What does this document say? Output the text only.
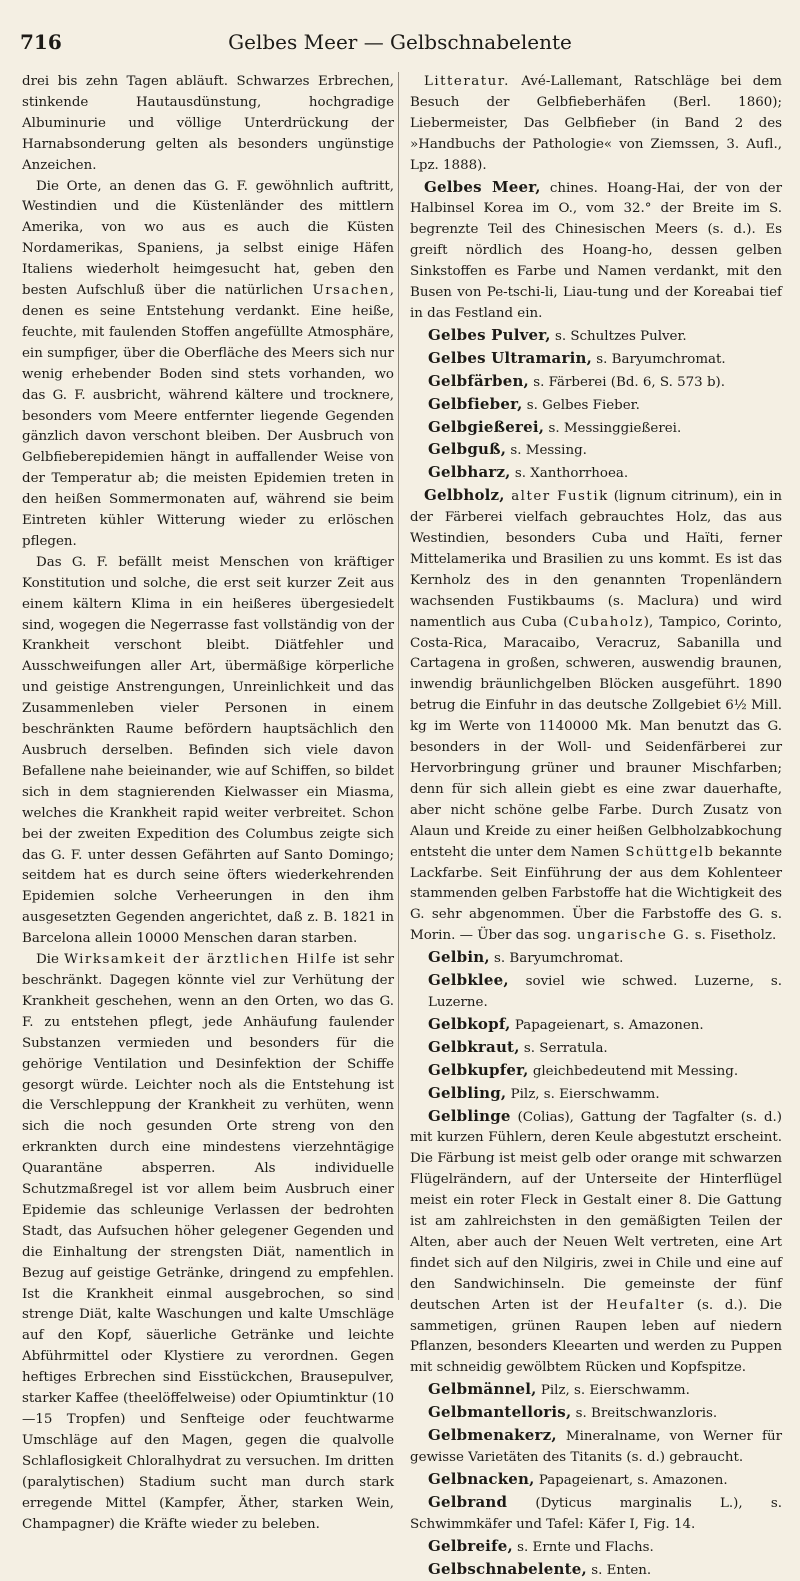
716	Gelbes Meer — Gelbschnabelente

drei bis zehn Tagen abläuft. Schwarzes Erbrechen, stinkende Hautausdünstung, hochgradige Albuminurie und völlige Unterdrückung der Harnabsonderung gelten als besonders ungünstige Anzeichen.

Die Orte, an denen das G. F. gewöhnlich auftritt, Westindien und die Küstenländer des mittlern Amerika, von wo aus es auch die Küsten Nordamerikas, Spaniens, ja selbst einige Häfen Italiens wiederholt heimgesucht hat, geben den besten Aufschluß über die natürlichen Ursachen, denen es seine Entstehung verdankt. Eine heiße, feuchte, mit faulenden Stoffen angefüllte Atmosphäre, ein sumpfiger, über die Oberfläche des Meers sich nur wenig erhebender Boden sind stets vorhanden, wo das G. F. ausbricht, während kältere und trocknere, besonders vom Meere entfernter liegende Gegenden gänzlich davon verschont bleiben. Der Ausbruch von Gelbfieberepidemien hängt in auffallender Weise von der Temperatur ab; die meisten Epidemien treten in den heißen Sommermonaten auf, während sie beim Eintreten kühler Witterung wieder zu erlöschen pflegen.

Das G. F. befällt meist Menschen von kräftiger Konstitution und solche, die erst seit kurzer Zeit aus einem kältern Klima in ein heißeres übergesiedelt sind, wogegen die Negerrasse fast vollständig von der Krankheit verschont bleibt. Diätfehler und Ausschweifungen aller Art, übermäßige körperliche und geistige Anstrengungen, Unreinlichkeit und das Zusammenleben vieler Personen in einem beschränkten Raume befördern hauptsächlich den Ausbruch derselben. Befinden sich viele davon Befallene nahe beieinander, wie auf Schiffen, so bildet sich in dem stagnierenden Kielwasser ein Miasma, welches die Krankheit rapid weiter verbreitet. Schon bei der zweiten Expedition des Columbus zeigte sich das G. F. unter dessen Gefährten auf Santo Domingo; seitdem hat es durch seine öfters wiederkehrenden Epidemien solche Verheerungen in den ihm ausgesetzten Gegenden angerichtet, daß z. B. 1821 in Barcelona allein 10000 Menschen daran starben.

Die Wirksamkeit der ärztlichen Hilfe ist sehr beschränkt. Dagegen könnte viel zur Verhütung der Krankheit geschehen, wenn an den Orten, wo das G. F. zu entstehen pflegt, jede Anhäufung faulender Substanzen vermieden und besonders für die gehörige Ventilation und Desinfektion der Schiffe gesorgt würde. Leichter noch als die Entstehung ist die Verschleppung der Krankheit zu verhüten, wenn sich die noch gesunden Orte streng von den erkrankten durch eine mindestens vierzehntägige Quarantäne absperren. Als individuelle Schutzmaßregel ist vor allem beim Ausbruch einer Epidemie das schleunige Verlassen der bedrohten Stadt, das Aufsuchen höher gelegener Gegenden und die Einhaltung der strengsten Diät, namentlich in Bezug auf geistige Getränke, dringend zu empfehlen. Ist die Krankheit einmal ausgebrochen, so sind strenge Diät, kalte Waschungen und kalte Umschläge auf den Kopf, säuerliche Getränke und leichte Abführmittel oder Klystiere zu verordnen. Gegen heftiges Erbrechen sind Eisstückchen, Brausepulver, starker Kaffee (theelöffelweise) oder Opiumtinktur (10—15 Tropfen) und Senfteige oder feuchtwarme Umschläge auf den Magen, gegen die qualvolle Schlaflosigkeit Chloralhydrat zu versuchen. Im dritten (paralytischen) Stadium sucht man durch stark erregende Mittel (Kampfer, Äther, starken Wein, Champagner) die Kräfte wieder zu beleben.

Litteratur. Avé-Lallemant, Ratschläge bei dem Besuch der Gelbfieberhäfen (Berl. 1860); Liebermeister, Das Gelbfieber (in Band 2 des »Handbuchs der Pathologie« von Ziemssen, 3. Aufl., Lpz. 1888).

Gelbes Meer, chines. Hoang-Hai, der von der Halbinsel Korea im O., vom 32.° der Breite im S. begrenzte Teil des Chinesischen Meers (s. d.). Es greift nördlich des Hoang-ho, dessen gelben Sinkstoffen es Farbe und Namen verdankt, mit den Busen von Pe-tschi-li, Liau-tung und der Koreabai tief in das Festland ein.

Gelbes Pulver, s. Schultzes Pulver.
Gelbes Ultramarin, s. Baryumchromat.
Gelbfärben, s. Färberei (Bd. 6, S. 573 b).
Gelbfieber, s. Gelbes Fieber.
Gelbgießerei, s. Messinggießerei.
Gelbguß, s. Messing.
Gelbharz, s. Xanthorrhoea.

Gelbholz, alter Fustik (lignum citrinum), ein in der Färberei vielfach gebrauchtes Holz, das aus Westindien, besonders Cuba und Haïti, ferner Mittelamerika und Brasilien zu uns kommt. Es ist das Kernholz des in den genannten Tropenländern wachsenden Fustikbaums (s. Maclura) und wird namentlich aus Cuba (Cubaholz), Tampico, Corinto, Costa-Rica, Maracaibo, Veracruz, Sabanilla und Cartagena in großen, schweren, auswendig braunen, inwendig bräunlichgelben Blöcken ausgeführt. 1890 betrug die Einfuhr in das deutsche Zollgebiet 6½ Mill. kg im Werte von 1140000 Mk. Man benutzt das G. besonders in der Woll- und Seidenfärberei zur Hervorbringung grüner und brauner Mischfarben; denn für sich allein giebt es eine zwar dauerhafte, aber nicht schöne gelbe Farbe. Durch Zusatz von Alaun und Kreide zu einer heißen Gelbholzabkochung entsteht die unter dem Namen Schüttgelb bekannte Lackfarbe. Seit Einführung der aus dem Kohlenteer stammenden gelben Farbstoffe hat die Wichtigkeit des G. sehr abgenommen. Über die Farbstoffe des G. s. Morin. — Über das sog. ungarische G. s. Fisetholz.

Gelbin, s. Baryumchromat.
Gelbklee, soviel wie schwed. Luzerne, s. Luzerne.
Gelbkopf, Papageienart, s. Amazonen.
Gelbkraut, s. Serratula.
Gelbkupfer, gleichbedeutend mit Messing.
Gelbling, Pilz, s. Eierschwamm.

Gelblinge (Colias), Gattung der Tagfalter (s. d.) mit kurzen Fühlern, deren Keule abgestutzt erscheint. Die Färbung ist meist gelb oder orange mit schwarzen Flügelrändern, auf der Unterseite der Hinterflügel meist ein roter Fleck in Gestalt einer 8. Die Gattung ist am zahlreichsten in den gemäßigten Teilen der Alten, aber auch der Neuen Welt vertreten, eine Art findet sich auf den Nilgiris, zwei in Chile und eine auf den Sandwichinseln. Die gemeinste der fünf deutschen Arten ist der Heufalter (s. d.). Die sammetigen, grünen Raupen leben auf niedern Pflanzen, besonders Kleearten und werden zu Puppen mit schneidig gewölbtem Rücken und Kopfspitze.

Gelbmännel, Pilz, s. Eierschwamm.
Gelbmantelloris, s. Breitschwanzloris.

Gelbmenakerz, Mineralname, von Werner für gewisse Varietäten des Titanits (s. d.) gebraucht.

Gelbnacken, Papageienart, s. Amazonen.

Gelbrand (Dyticus marginalis L.), s. Schwimmkäfer und Tafel: Käfer I, Fig. 14.

Gelbreife, s. Ernte und Flachs.
Gelbschnabelente, s. Enten.
